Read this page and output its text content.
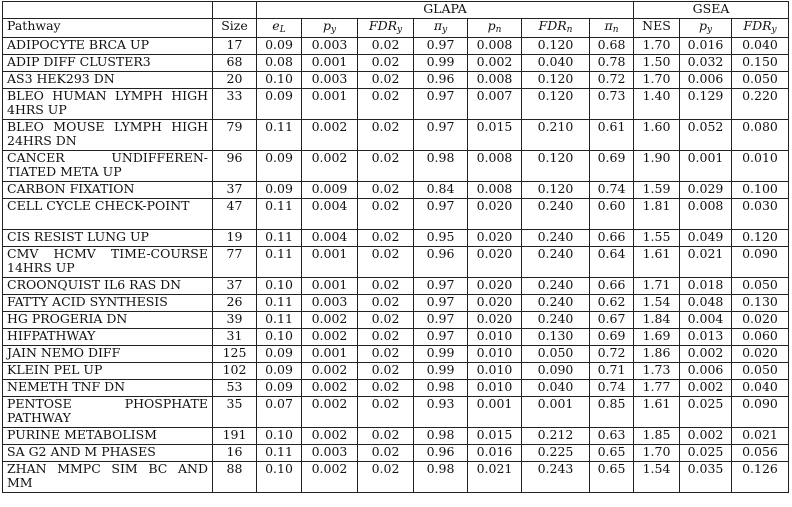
		GLAPA							GSEA		
Pathway	Size	$e_L$	$p_y$	$FDR_y$	$\pi_y$	$p_n$	$FDR_n$	$\pi_n$	NES	$p_y$	$FDR_y$
ADIPOCYTE BRCA UP	17	0.09	0.003	0.02	0.97	0.008	0.120	0.68	1.70	0.016	0.040
ADIP DIFF CLUSTER3	68	0.08	0.001	0.02	0.99	0.002	0.040	0.78	1.50	0.032	0.150
AS3 HEK293 DN	20	0.10	0.003	0.02	0.96	0.008	0.120	0.72	1.70	0.006	0.050
BLEO HUMAN LYMPH HIGH 4HRS UP	33	0.09	0.001	0.02	0.97	0.007	0.120	0.73	1.40	0.129	0.220
BLEO MOUSE LYMPH HIGH 24HRS DN	79	0.11	0.002	0.02	0.97	0.015	0.210	0.61	1.60	0.052	0.080
CANCER UNDIFFEREN-TIATED META UP	96	0.09	0.002	0.02	0.98	0.008	0.120	0.69	1.90	0.001	0.010
CARBON FIXATION	37	0.09	0.009	0.02	0.84	0.008	0.120	0.74	1.59	0.029	0.100
CELL CYCLE CHECK-POINT	47	0.11	0.004	0.02	0.97	0.020	0.240	0.60	1.81	0.008	0.030
CIS RESIST LUNG UP	19	0.11	0.004	0.02	0.95	0.020	0.240	0.66	1.55	0.049	0.120
CMV HCMV TIME-COURSE 14HRS UP	77	0.11	0.001	0.02	0.96	0.020	0.240	0.64	1.61	0.021	0.090
CROONQUIST IL6 RAS DN	37	0.10	0.001	0.02	0.97	0.020	0.240	0.66	1.71	0.018	0.050
FATTY ACID SYNTHESIS	26	0.11	0.003	0.02	0.97	0.020	0.240	0.62	1.54	0.048	0.130
HG PROGERIA DN	39	0.11	0.002	0.02	0.97	0.020	0.240	0.67	1.84	0.004	0.020
HIFPATHWAY	31	0.10	0.002	0.02	0.97	0.010	0.130	0.69	1.69	0.013	0.060
JAIN NEMO DIFF	125	0.09	0.001	0.02	0.99	0.010	0.050	0.72	1.86	0.002	0.020
KLEIN PEL UP	102	0.09	0.002	0.02	0.99	0.010	0.090	0.71	1.73	0.006	0.050
NEMETH TNF DN	53	0.09	0.002	0.02	0.98	0.010	0.040	0.74	1.77	0.002	0.040
PENTOSE PHOSPHATE PATHWAY	35	0.07	0.002	0.02	0.93	0.001	0.001	0.85	1.61	0.025	0.090
PURINE METABOLISM	191	0.10	0.002	0.02	0.98	0.015	0.212	0.63	1.85	0.002	0.021
SA G2 AND M PHASES	16	0.11	0.003	0.02	0.96	0.016	0.225	0.65	1.70	0.025	0.056
ZHAN MMPC SIM BC AND MM	88	0.10	0.002	0.02	0.98	0.021	0.243	0.65	1.54	0.035	0.126
